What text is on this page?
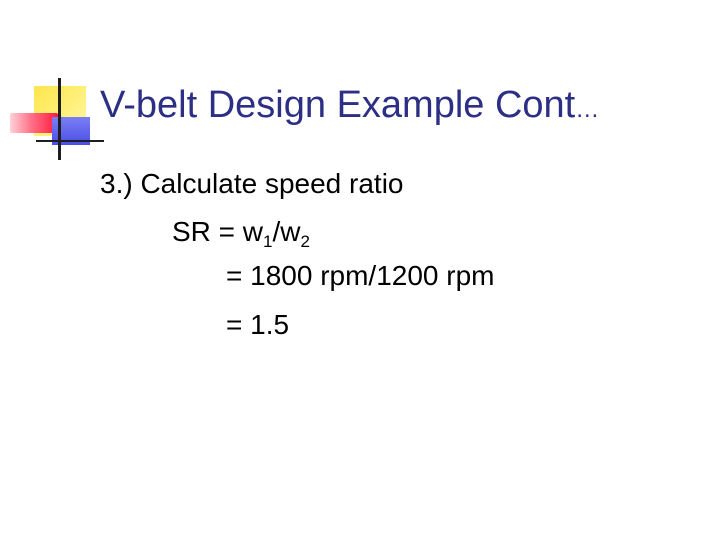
V-belt Design Example Cont…
3.) Calculate speed ratio
SR = $w_1/w_2$
= 1800 rpm/1200 rpm
= 1.5
